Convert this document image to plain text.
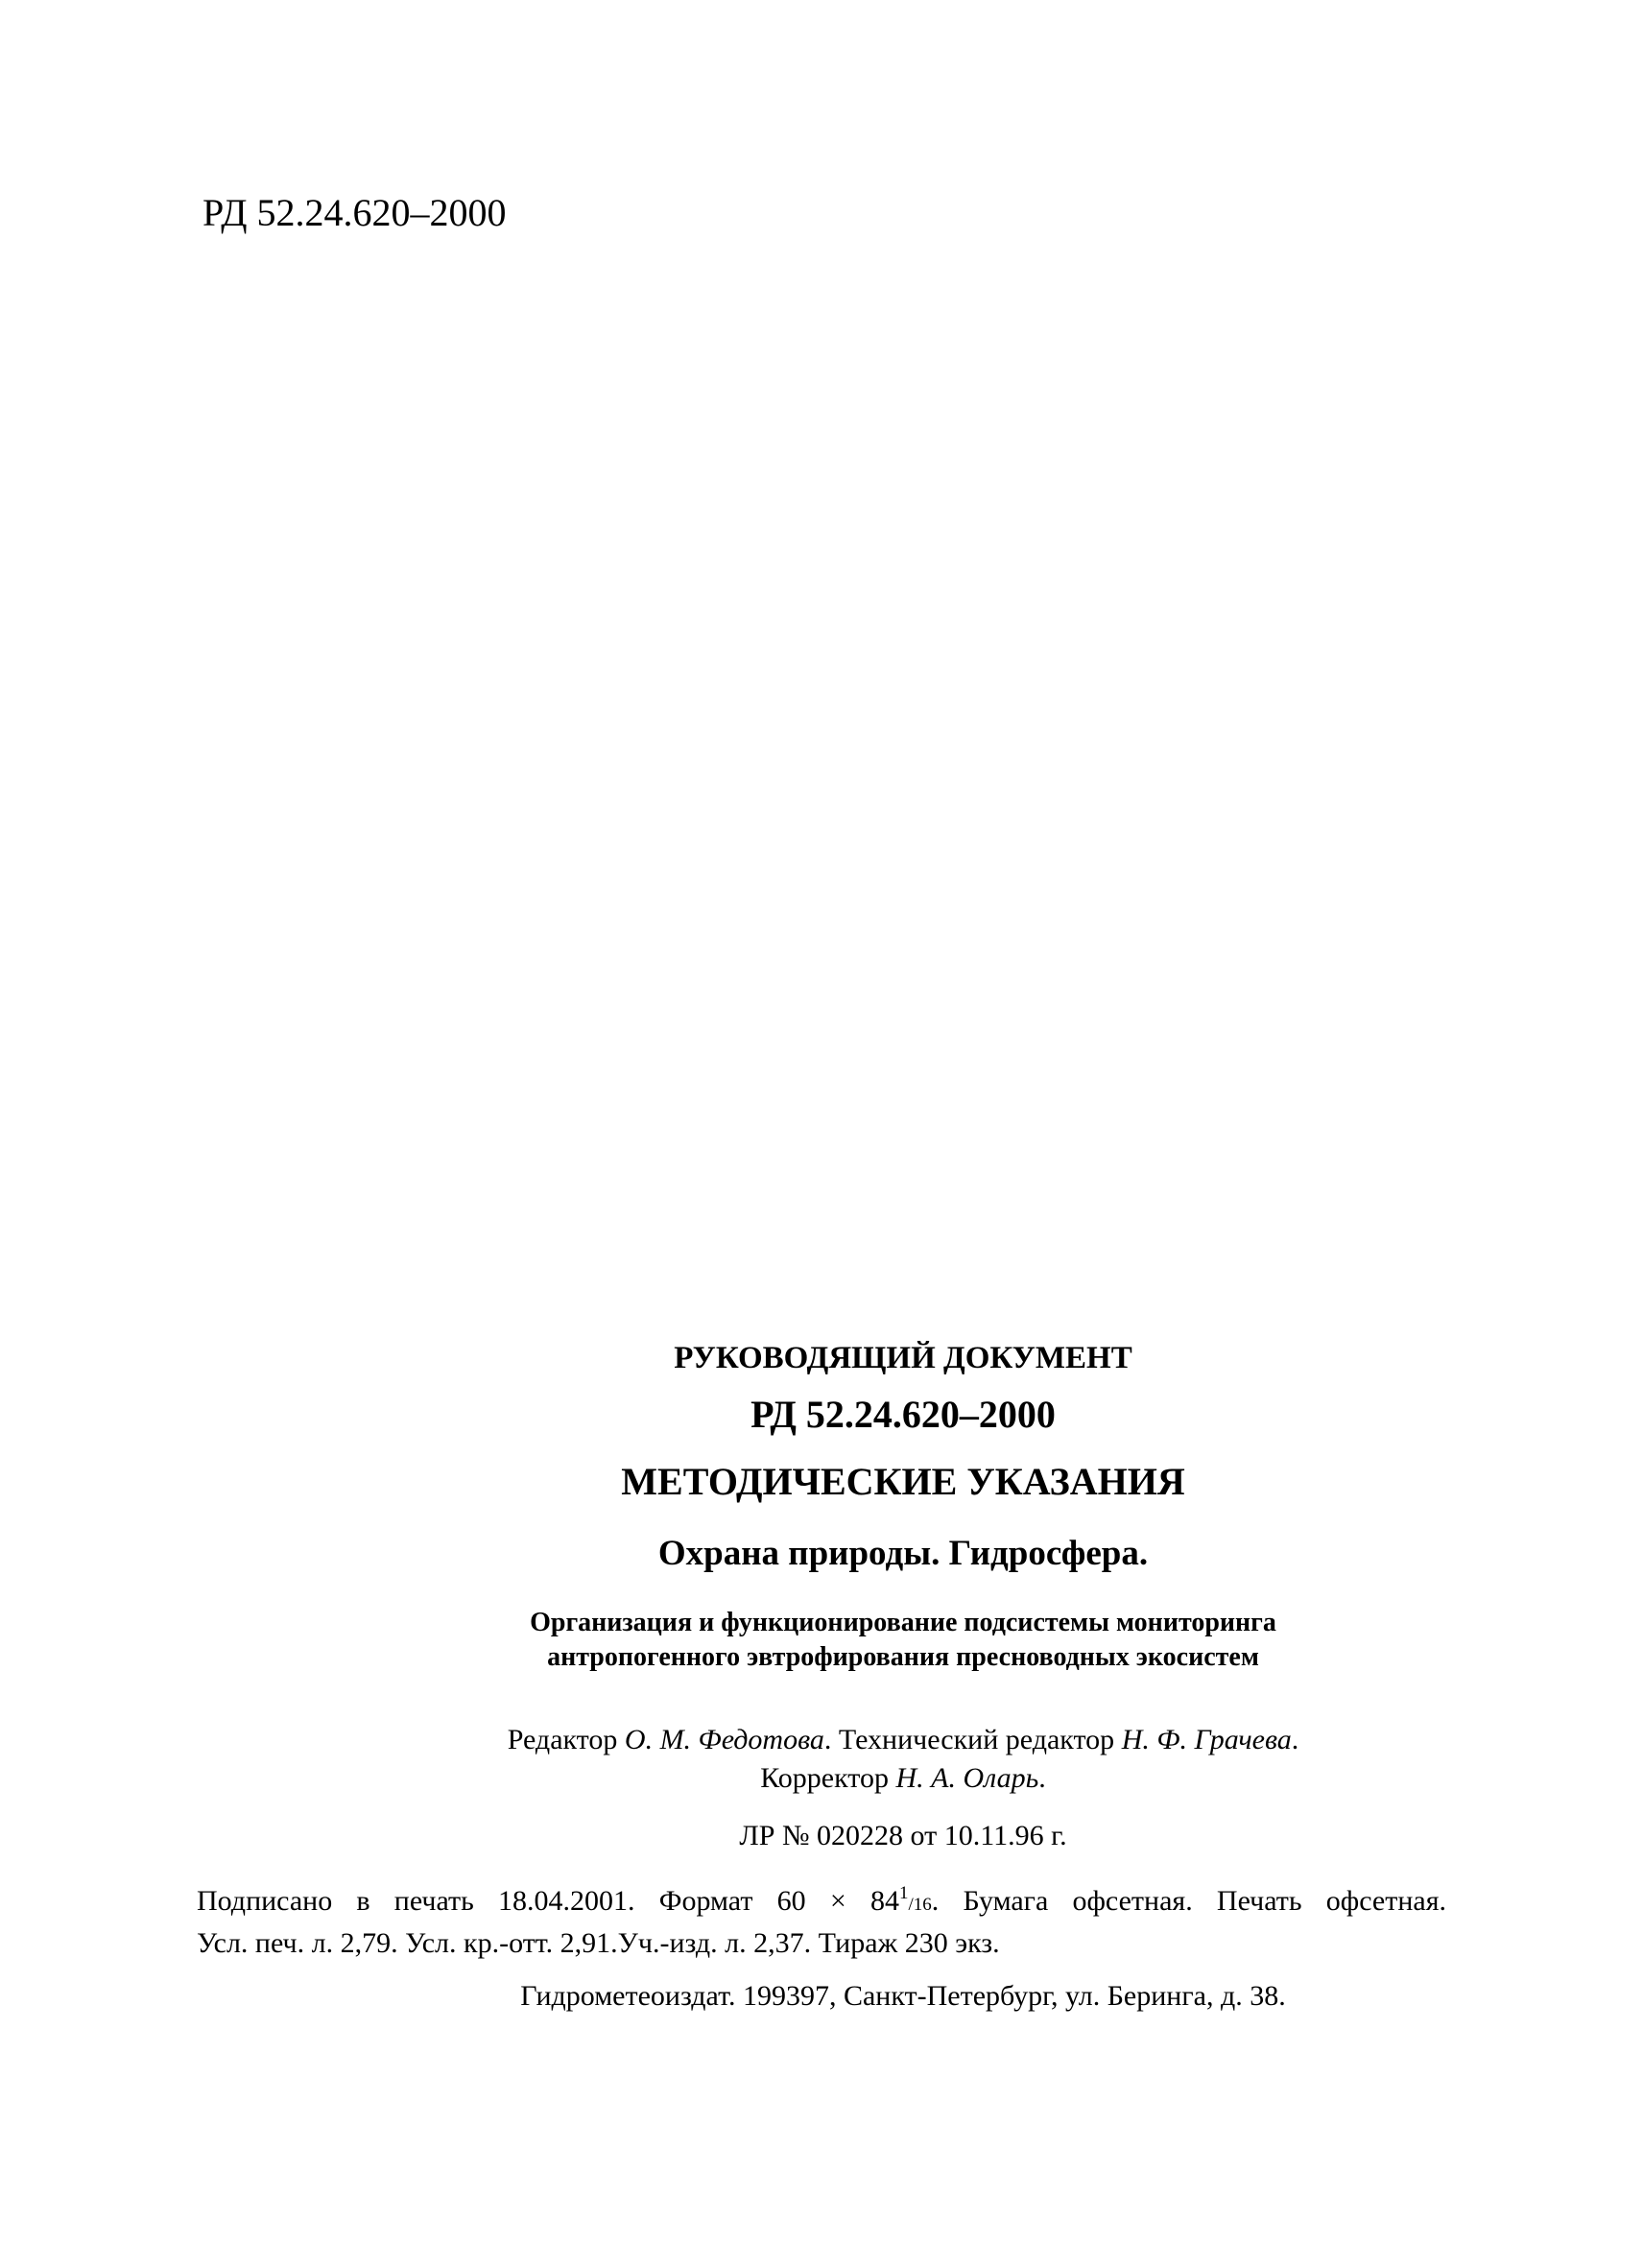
РД 52.24.620–2000
РУКОВОДЯЩИЙ ДОКУМЕНТ
РД 52.24.620–2000
МЕТОДИЧЕСКИЕ УКАЗАНИЯ
Охрана природы. Гидросфера.
Организация и функционирование подсистемы мониторинга
антропогенного эвтрофирования пресноводных экосистем
Редактор О. М. Федотова. Технический редактор Н. Ф. Грачева.
Корректор Н. А. Оларь.
ЛР № 020228 от 10.11.96 г.
Подписано в печать 18.04.2001. Формат $60 \times 84^1/16$. Бумага офсетная. Печать офсетная.
Усл. печ. л. 2,79. Усл. кр.-отт. 2,91.Уч.-изд. л. 2,37. Тираж 230 экз.
Гидрометеоиздат. 199397, Санкт-Петербург, ул. Беринга, д. 38.
